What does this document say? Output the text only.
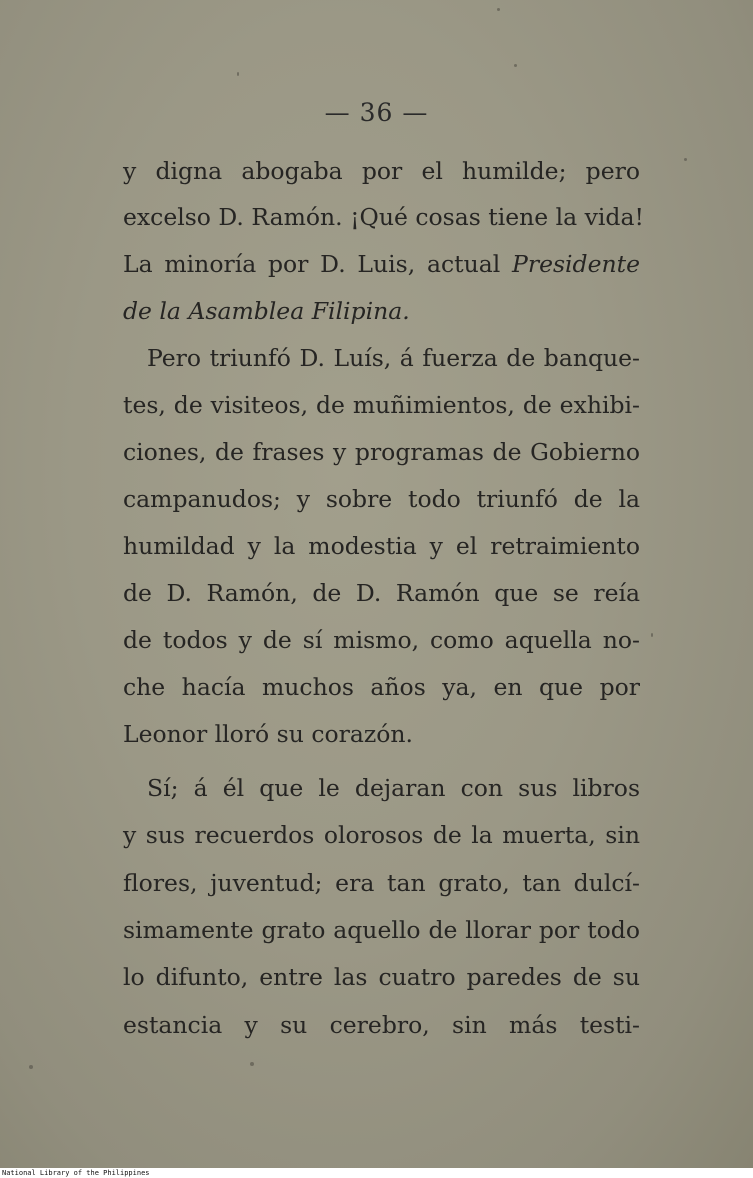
— 36 —
y digna abogaba por el humilde; pero
excelso D. Ramón. ¡Qué cosas tiene la vida!
La minoría por D. Luis, actual Presidente
de la Asamblea Filipina.
Pero triunfó D. Luís, á fuerza de banque-
tes, de visiteos, de muñimientos, de exhibi-
ciones, de frases y programas de Gobierno
campanudos; y sobre todo triunfó de la
humildad y la modestia y el retraimiento
de D. Ramón, de D. Ramón que se reía
de todos y de sí mismo, como aquella no-
che hacía muchos años ya, en que por
Leonor lloró su corazón.
Sí; á él que le dejaran con sus libros
y sus recuerdos olorosos de la muerta, sin
flores, juventud; era tan grato, tan dulcí-
simamente grato aquello de llorar por todo
lo difunto, entre las cuatro paredes de su
estancia y su cerebro, sin más testi-
National Library of the Philippines
